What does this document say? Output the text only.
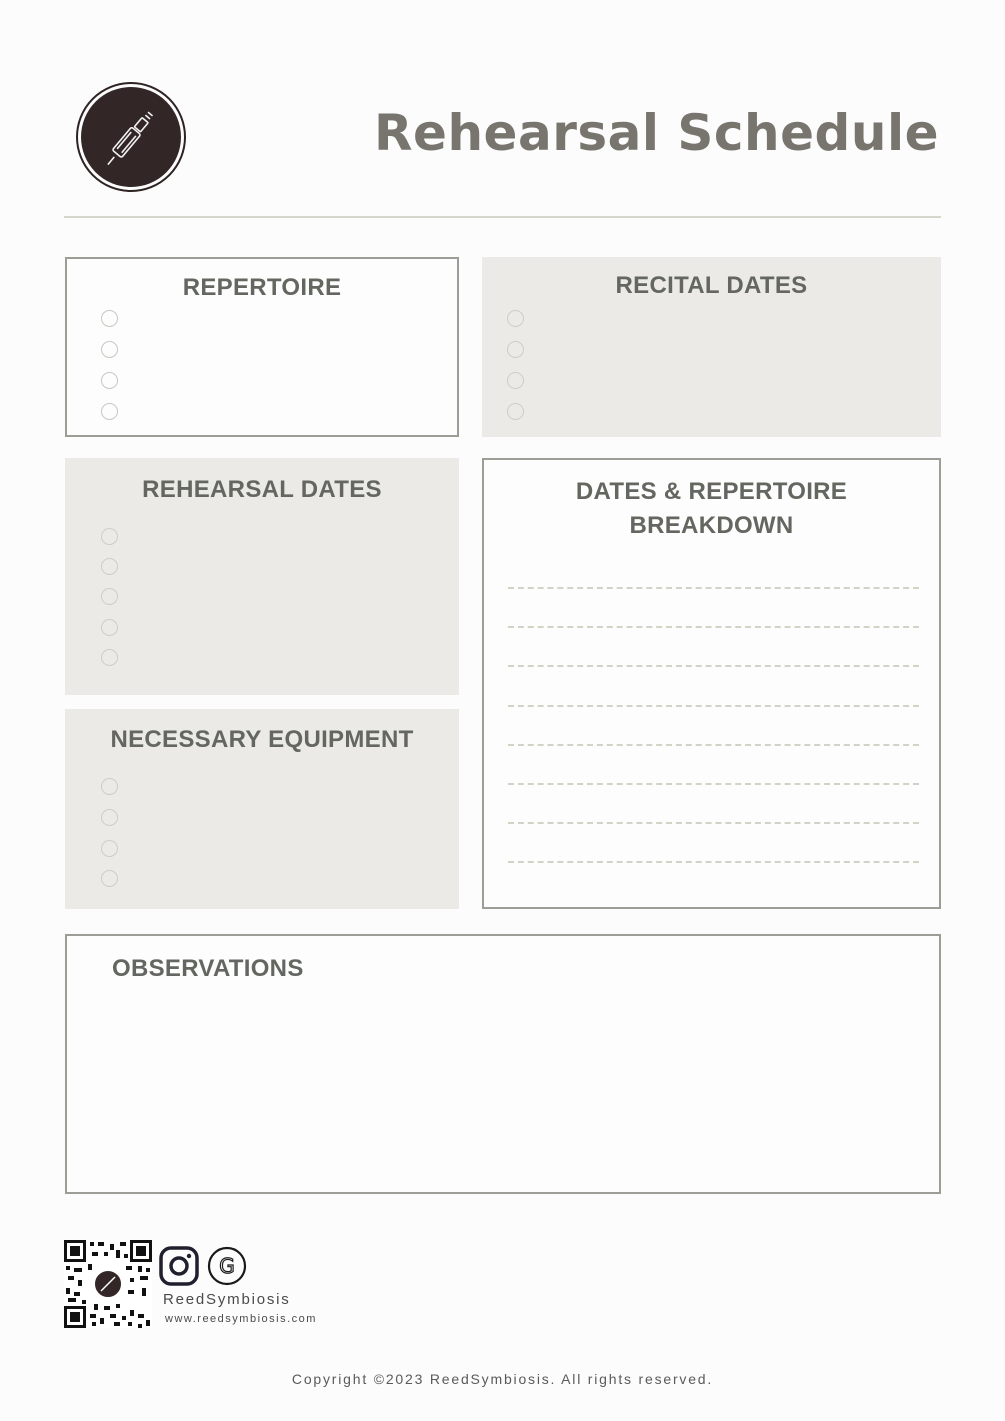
Rehearsal Schedule
REPERTOIRE	RECITAL DATES
REHEARSAL DATES
NECESSARY EQUIPMENT
DATES & REPERTOIRE
BREAKDOWN
OBSERVATIONS
G
ReedSymbiosis
www.reedsymbiosis.com
Copyright ©2023 ReedSymbiosis. All rights reserved.
